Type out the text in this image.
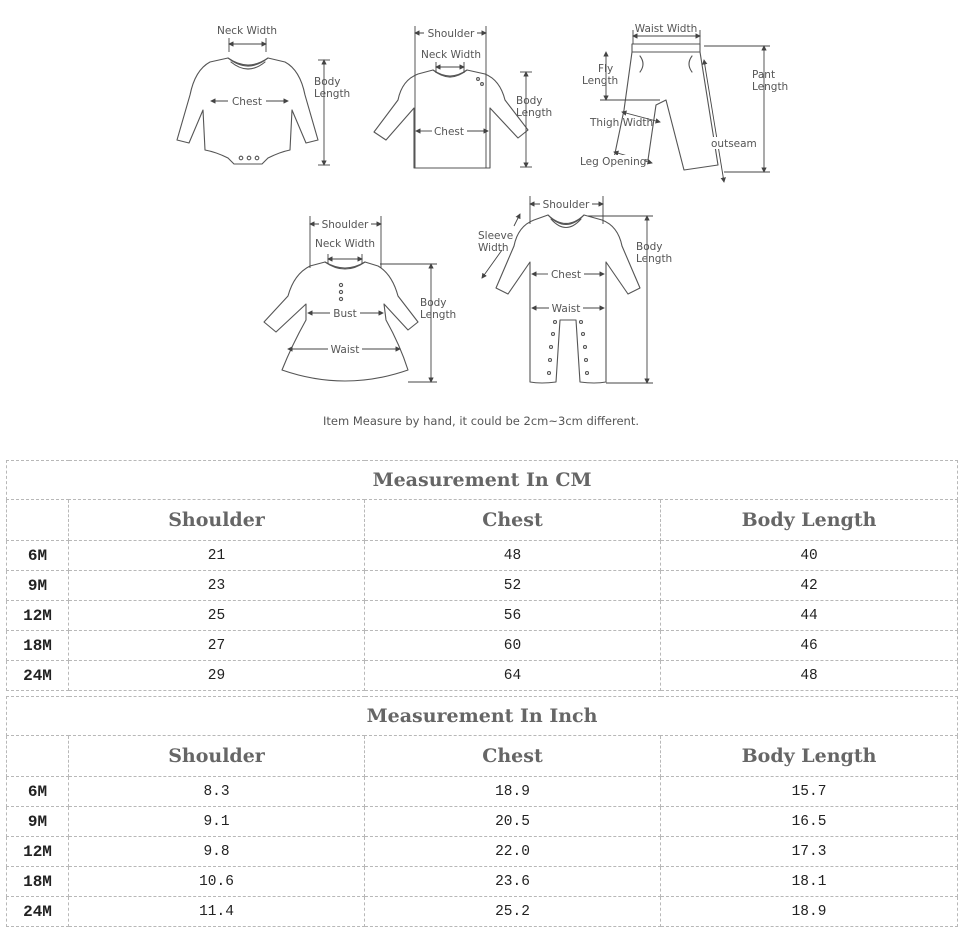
Neck Width
Chest
Body Length
Shoulder
Neck Width
Chest
Body Length
Waist Width
Fly Length	Pant Length
Thigh Width
outseam
Leg Opening
Shoulder
Neck Width
Bust
Waist
Body Length
Shoulder
Sleeve Width
Chest
Waist
Body Length
Item Measure by hand, it could be 2cm~3cm different.
Measurement In CM			
	Shoulder	Chest	Body Length
6M	21	48	40
9M	23	52	42
12M	25	56	44
18M	27	60	46
24M	29	64	48
Measurement In Inch			
	Shoulder	Chest	Body Length
6M	8.3	18.9	15.7
9M	9.1	20.5	16.5
12M	9.8	22.0	17.3
18M	10.6	23.6	18.1
24M	11.4	25.2	18.9
